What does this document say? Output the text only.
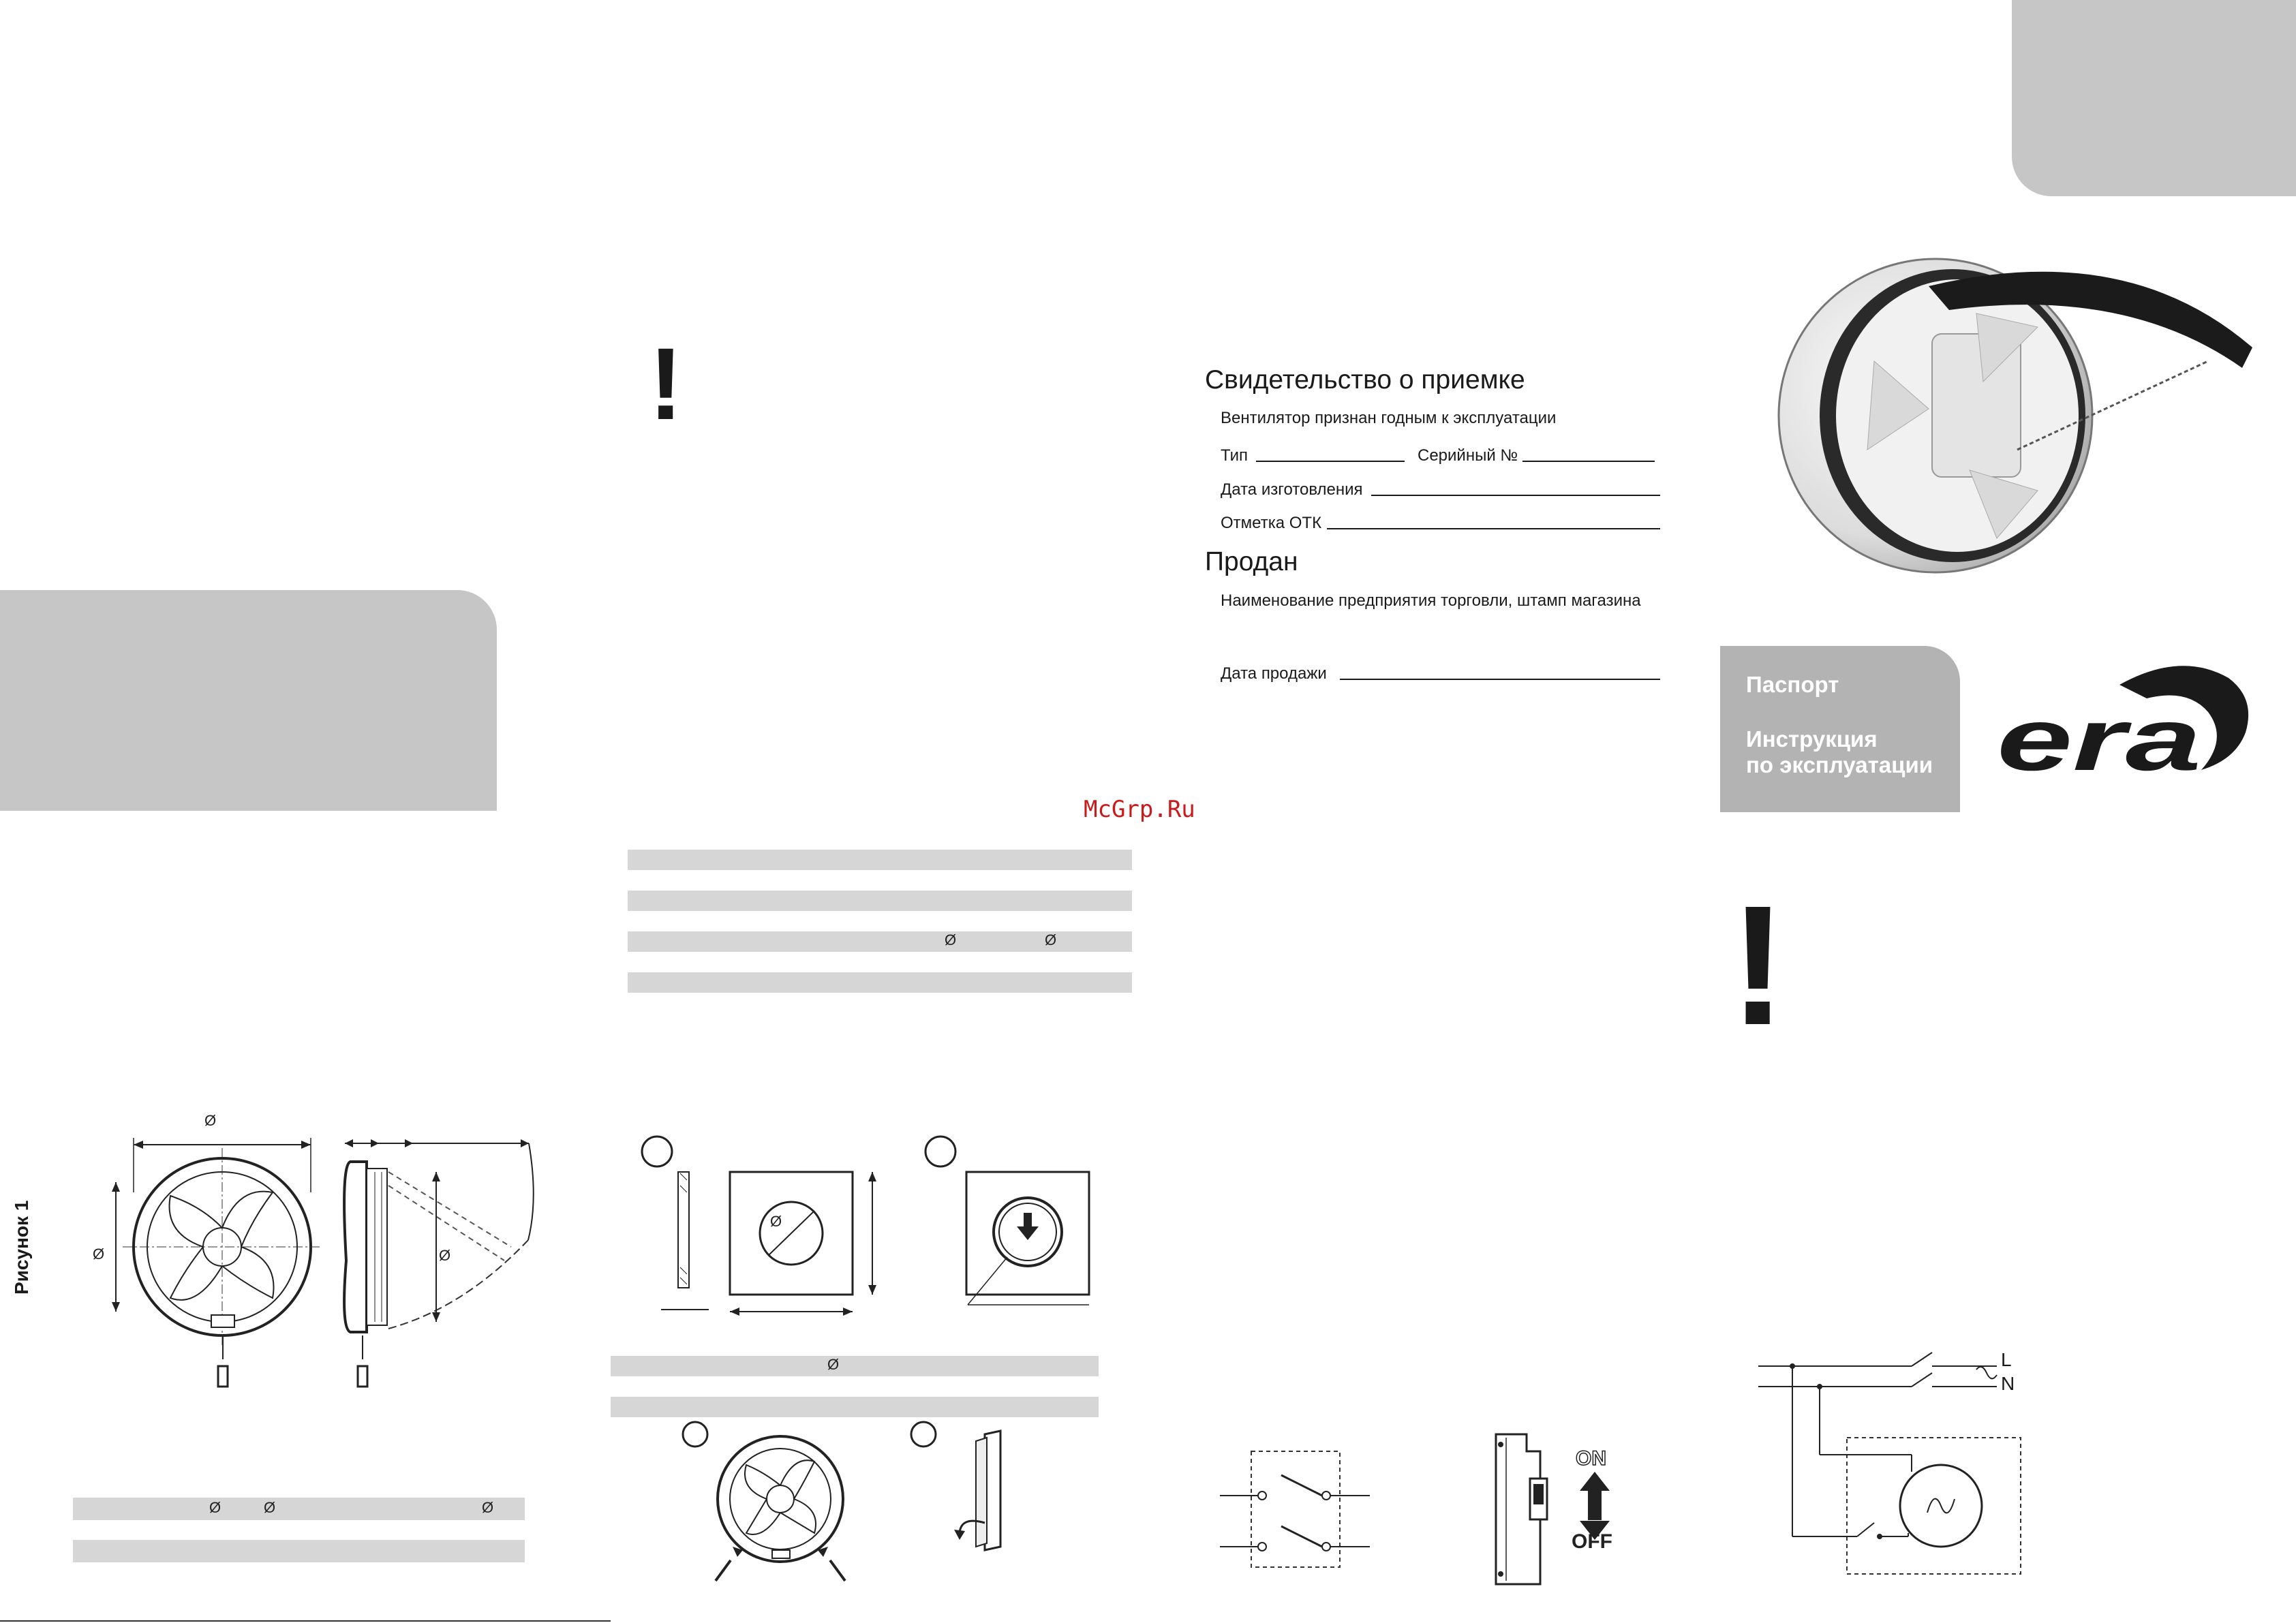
!
!
Свидетельство о приемке
Вентилятор признан годным к эксплуатации
Тип	Серийный №
Дата изготовления
Отметка ОТК
Продан
Наименование предприятия торговли, штамп магазина
Дата продажи
McGrp.Ru
Паспорт
Инструкция
по эксплуатации era
Ø	Ø
Ø
Ø	Ø	Ø
Рисунок 1
Ø
Ø	Ø
Ø
ON
OFF
L
N
